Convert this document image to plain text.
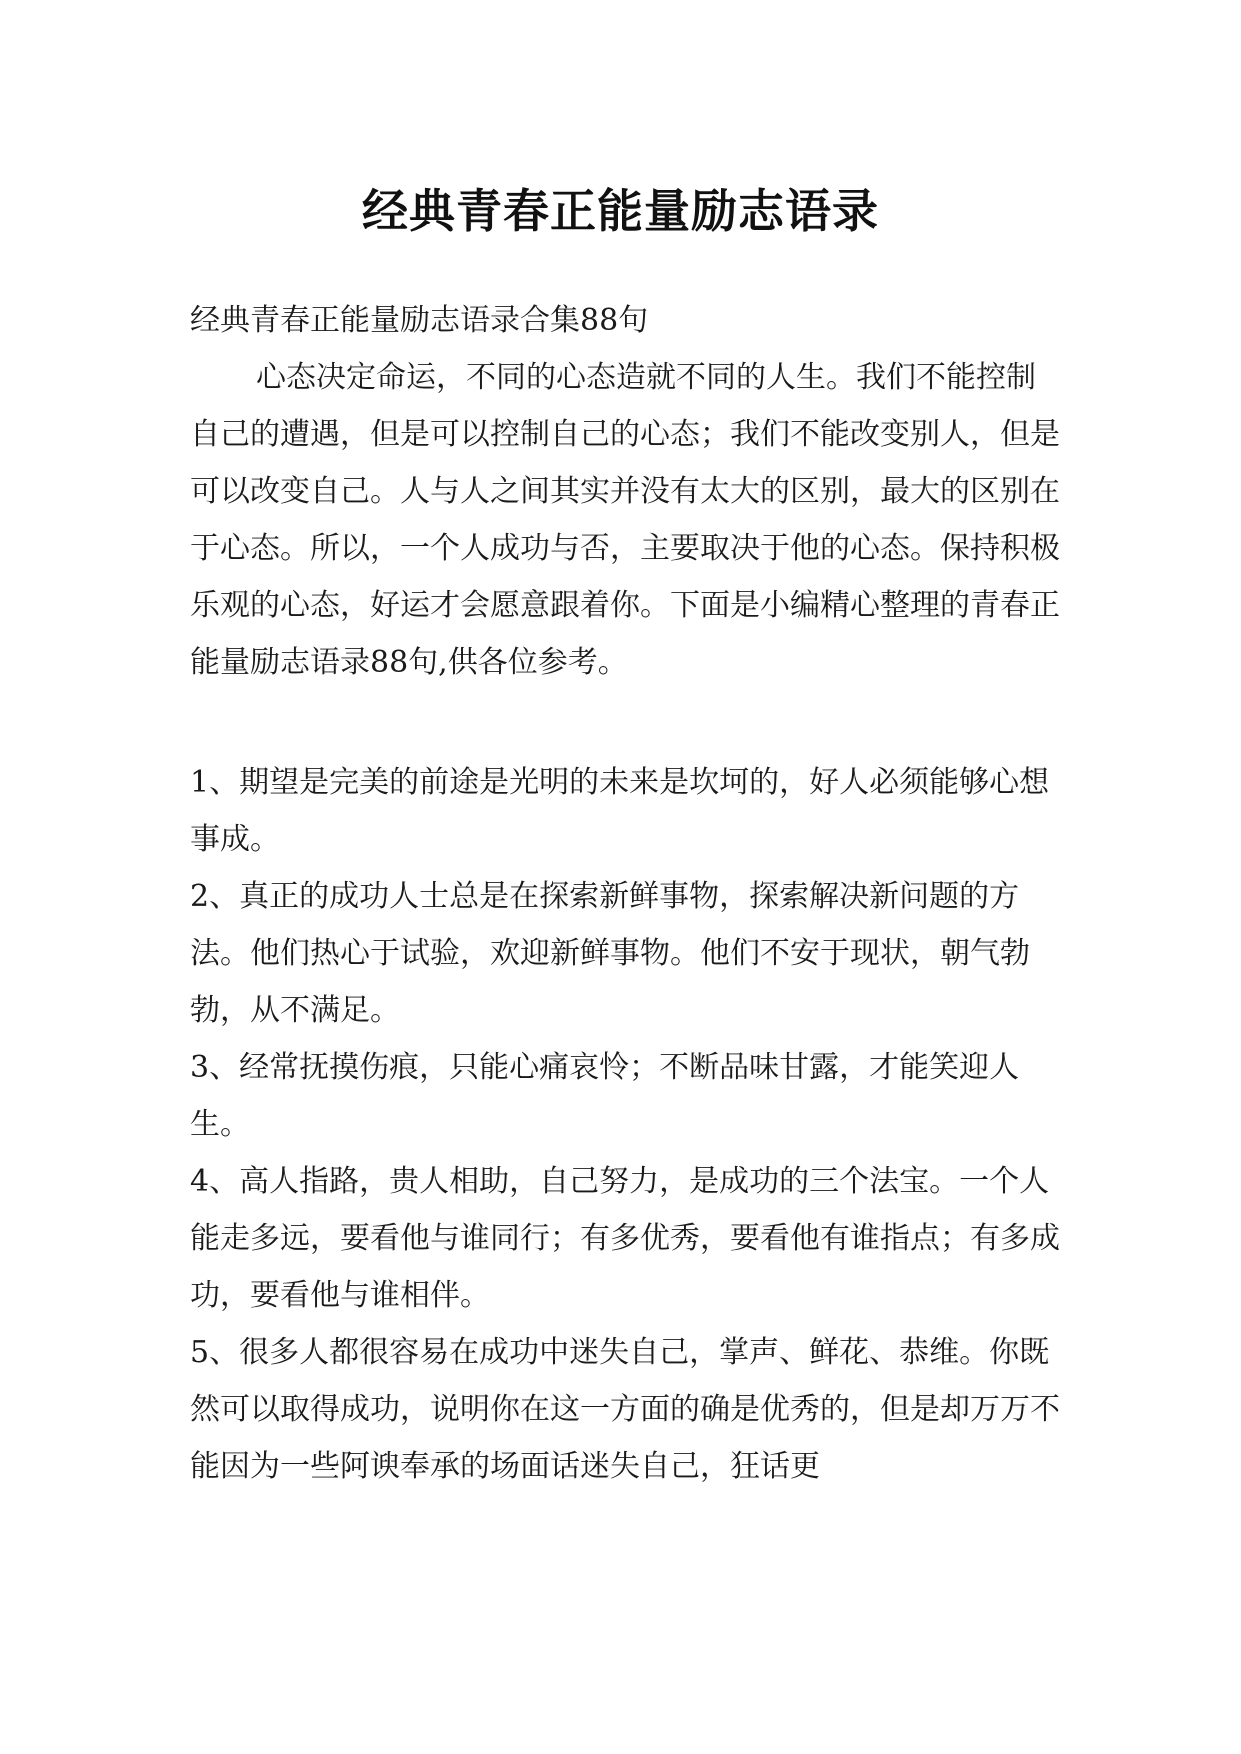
经典青春正能量励志语录

经典青春正能量励志语录合集88句

心态决定命运，不同的心态造就不同的人生。我们不能控制自己的遭遇，但是可以控制自己的心态；我们不能改变别人，但是可以改变自己。人与人之间其实并没有太大的区别，最大的区别在于心态。所以，一个人成功与否，主要取决于他的心态。保持积极乐观的心态，好运才会愿意跟着你。下面是小编精心整理的青春正能量励志语录88句,供各位参考。

1、期望是完美的前途是光明的未来是坎坷的，好人必须能够心想事成。

2、真正的成功人士总是在探索新鲜事物，探索解决新问题的方法。他们热心于试验，欢迎新鲜事物。他们不安于现状，朝气勃勃，从不满足。

3、经常抚摸伤痕，只能心痛哀怜；不断品味甘露，才能笑迎人生。

4、高人指路，贵人相助，自己努力，是成功的三个法宝。一个人能走多远，要看他与谁同行；有多优秀，要看他有谁指点；有多成功，要看他与谁相伴。

5、很多人都很容易在成功中迷失自己，掌声、鲜花、恭维。你既然可以取得成功，说明你在这一方面的确是优秀的，但是却万万不能因为一些阿谀奉承的场面话迷失自己，狂话更
